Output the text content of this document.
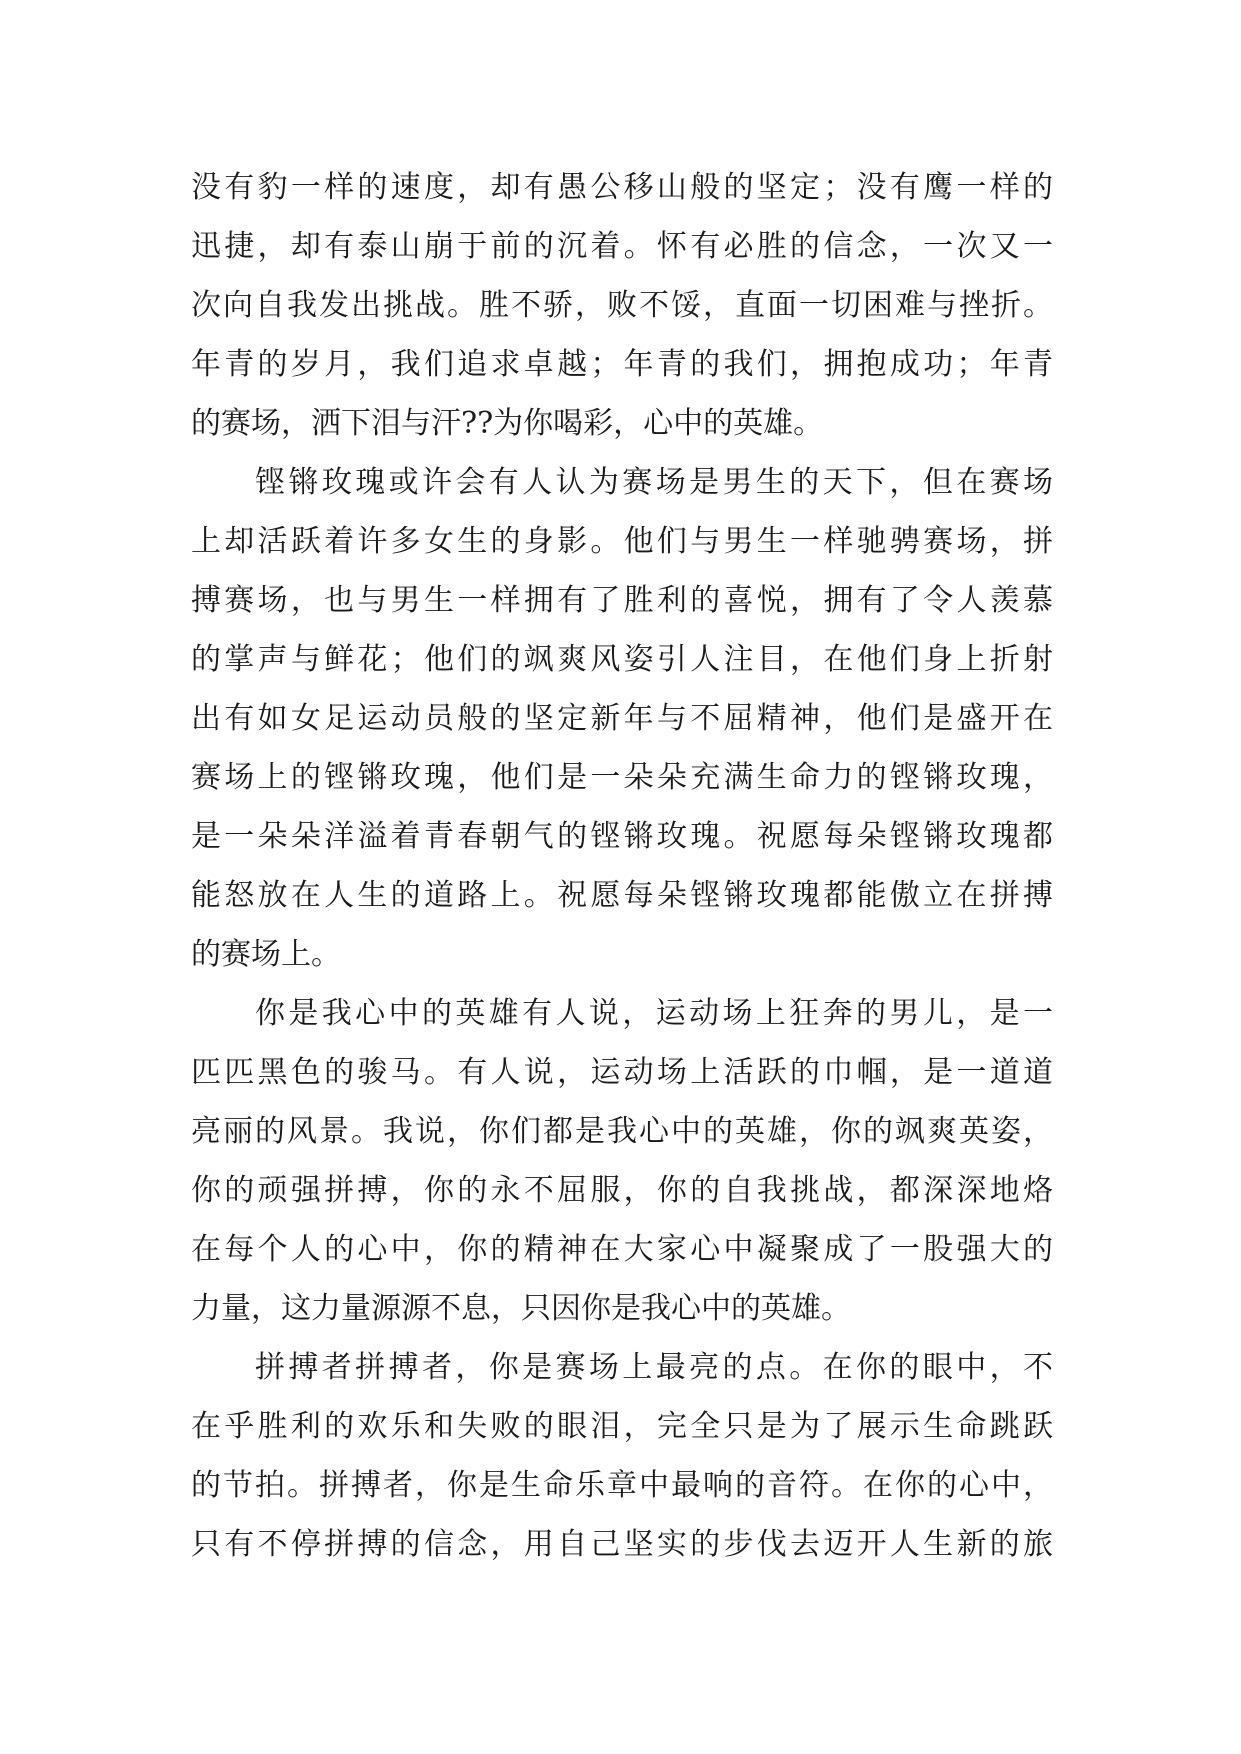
没有豹一样的速度，却有愚公移山般的坚定；没有鹰一样的
迅捷，却有泰山崩于前的沉着。怀有必胜的信念，一次又一
次向自我发出挑战。胜不骄，败不馁，直面一切困难与挫折。
年青的岁月，我们追求卓越；年青的我们，拥抱成功；年青
的赛场，洒下泪与汗??为你喝彩，心中的英雄。
铿锵玫瑰或许会有人认为赛场是男生的天下，但在赛场
上却活跃着许多女生的身影。他们与男生一样驰骋赛场，拼
搏赛场，也与男生一样拥有了胜利的喜悦，拥有了令人羡慕
的掌声与鲜花；他们的飒爽风姿引人注目，在他们身上折射
出有如女足运动员般的坚定新年与不屈精神，他们是盛开在
赛场上的铿锵玫瑰，他们是一朵朵充满生命力的铿锵玫瑰，
是一朵朵洋溢着青春朝气的铿锵玫瑰。祝愿每朵铿锵玫瑰都
能怒放在人生的道路上。祝愿每朵铿锵玫瑰都能傲立在拼搏
的赛场上。
你是我心中的英雄有人说，运动场上狂奔的男儿，是一
匹匹黑色的骏马。有人说，运动场上活跃的巾帼，是一道道
亮丽的风景。我说，你们都是我心中的英雄，你的飒爽英姿，
你的顽强拼搏，你的永不屈服，你的自我挑战，都深深地烙
在每个人的心中，你的精神在大家心中凝聚成了一股强大的
力量，这力量源源不息，只因你是我心中的英雄。
拼搏者拼搏者，你是赛场上最亮的点。在你的眼中，不
在乎胜利的欢乐和失败的眼泪，完全只是为了展示生命跳跃
的节拍。拼搏者，你是生命乐章中最响的音符。在你的心中，
只有不停拼搏的信念，用自己坚实的步伐去迈开人生新的旅
